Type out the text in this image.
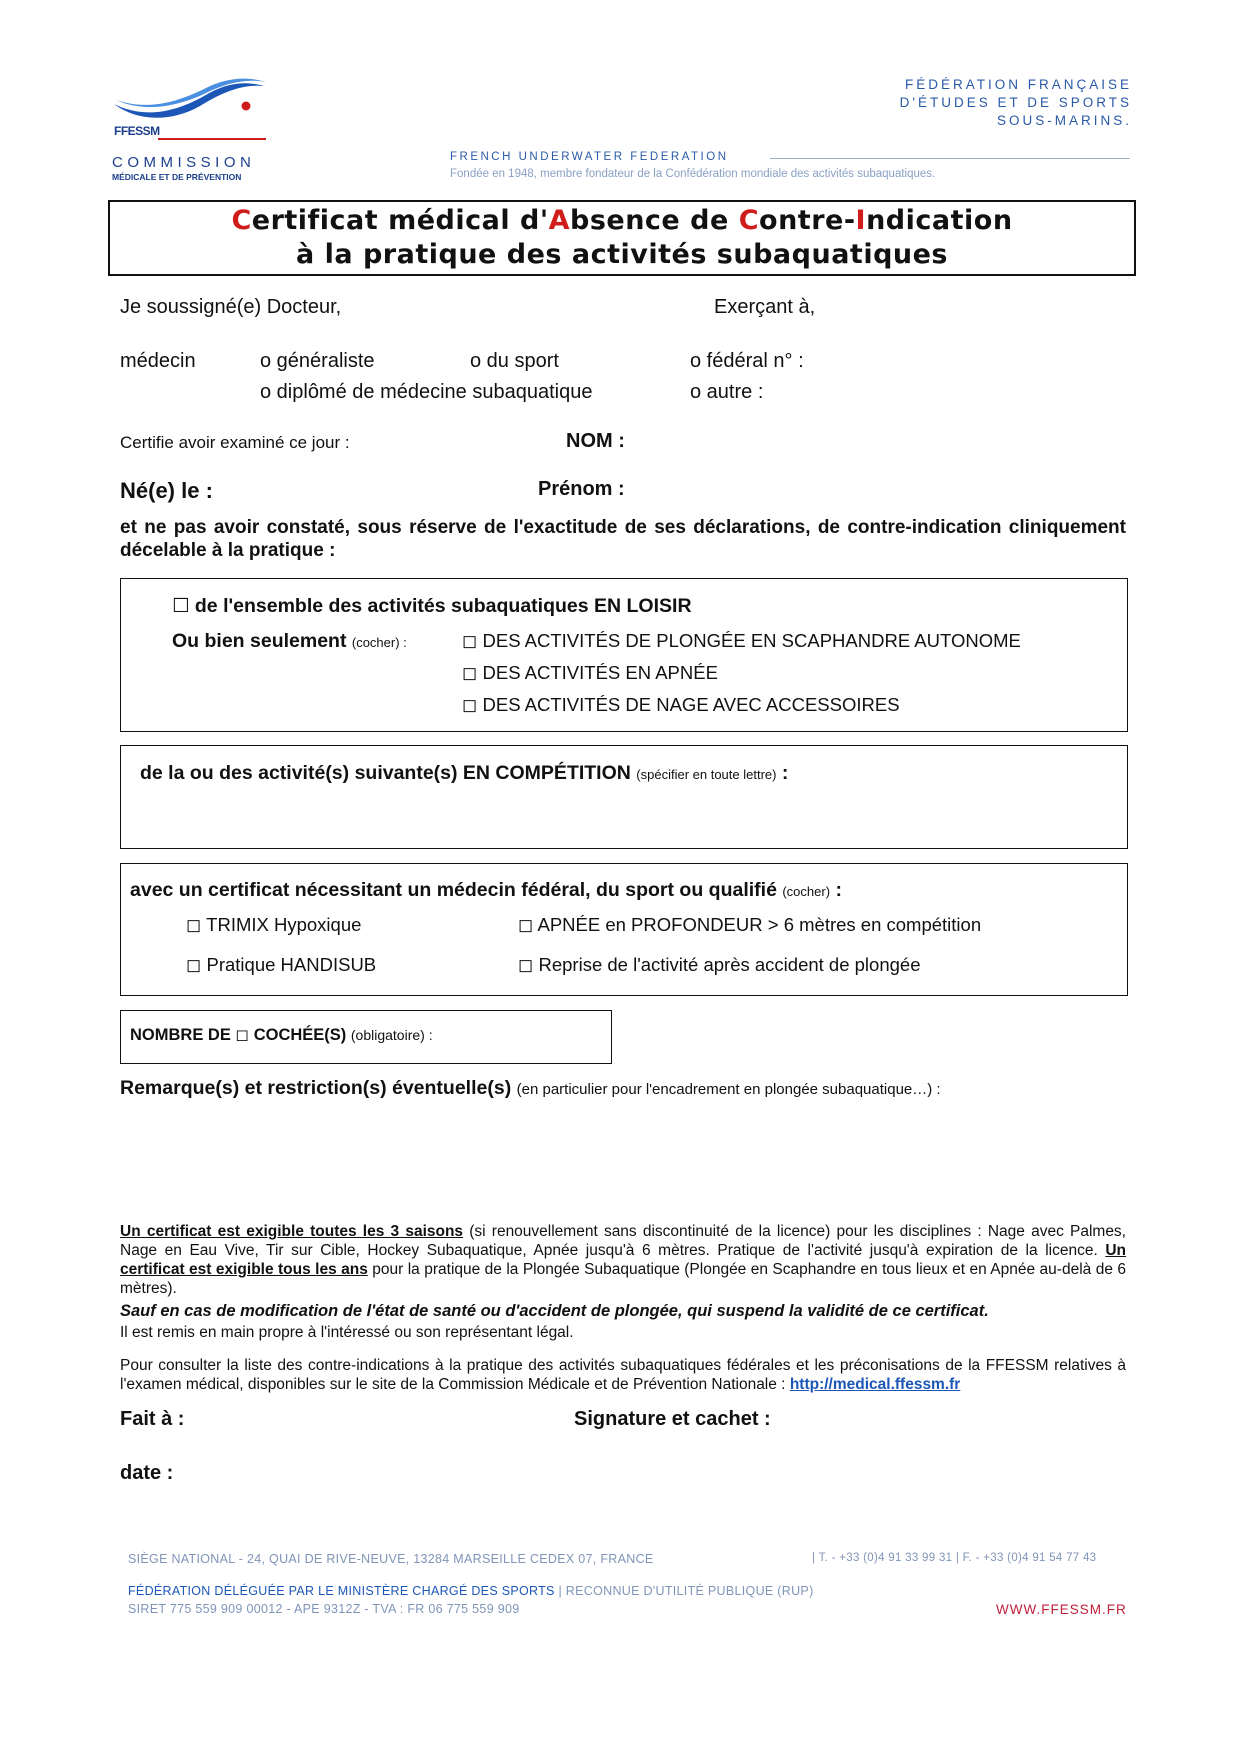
FFESSM
COMMISSION
MÉDICALE ET DE PRÉVENTION
FÉDÉRATION FRANÇAISE
D'ÉTUDES ET DE SPORTS
SOUS-MARINS.
FRENCH UNDERWATER FEDERATION
Fondée en 1948, membre fondateur de la Confédération mondiale des activités subaquatiques.
Certificat médical d'Absence de Contre-Indication
à la pratique des activités subaquatiques
Je soussigné(e) Docteur,	Exerçant à,
médecin	o généraliste	o du sport	o fédéral n° :
o diplômé de médecine subaquatique	o autre :
Certifie avoir examiné ce jour :	NOM :
Né(e) le :	Prénom :
et ne pas avoir constaté, sous réserve de l'exactitude de ses déclarations, de contre-indication cliniquement décelable à la pratique :
☐ de l'ensemble des activités subaquatiques EN LOISIR
Ou bien seulement (cocher) :	◻ DES ACTIVITÉS DE PLONGÉE EN SCAPHANDRE AUTONOME
◻ DES ACTIVITÉS EN APNÉE
◻ DES ACTIVITÉS DE NAGE AVEC ACCESSOIRES
de la ou des activité(s) suivante(s) EN COMPÉTITION (spécifier en toute lettre) :
avec un certificat nécessitant un médecin fédéral, du sport ou qualifié (cocher) :
◻ TRIMIX Hypoxique	◻ APNÉE en PROFONDEUR > 6 mètres en compétition
◻ Pratique HANDISUB	◻ Reprise de l'activité après accident de plongée
NOMBRE DE ◻ COCHÉE(S) (obligatoire) :
Remarque(s) et restriction(s) éventuelle(s) (en particulier pour l'encadrement en plongée subaquatique…) :
Un certificat est exigible toutes les 3 saisons (si renouvellement sans discontinuité de la licence) pour les disciplines : Nage avec Palmes, Nage en Eau Vive, Tir sur Cible, Hockey Subaquatique, Apnée jusqu'à 6 mètres. Pratique de l'activité jusqu'à expiration de la licence. Un certificat est exigible tous les ans pour la pratique de la Plongée Subaquatique (Plongée en Scaphandre en tous lieux et en Apnée au-delà de 6 mètres).
Sauf en cas de modification de l'état de santé ou d'accident de plongée, qui suspend la validité de ce certificat.
Il est remis en main propre à l'intéressé ou son représentant légal.
Pour consulter la liste des contre-indications à la pratique des activités subaquatiques fédérales et les préconisations de la FFESSM relatives à l'examen médical, disponibles sur le site de la Commission Médicale et de Prévention Nationale : http://medical.ffessm.fr
Fait à :	Signature et cachet :
date :
SIÈGE NATIONAL - 24, QUAI DE RIVE-NEUVE, 13284 MARSEILLE CEDEX 07, FRANCE	| T. - +33 (0)4 91 33 99 31 | F. - +33 (0)4 91 54 77 43
FÉDÉRATION DÉLÉGUÉE PAR LE MINISTÈRE CHARGÉ DES SPORTS | RECONNUE D'UTILITÉ PUBLIQUE (RUP)
SIRET 775 559 909 00012 - APE 9312Z - TVA : FR 06 775 559 909	WWW.FFESSM.FR
